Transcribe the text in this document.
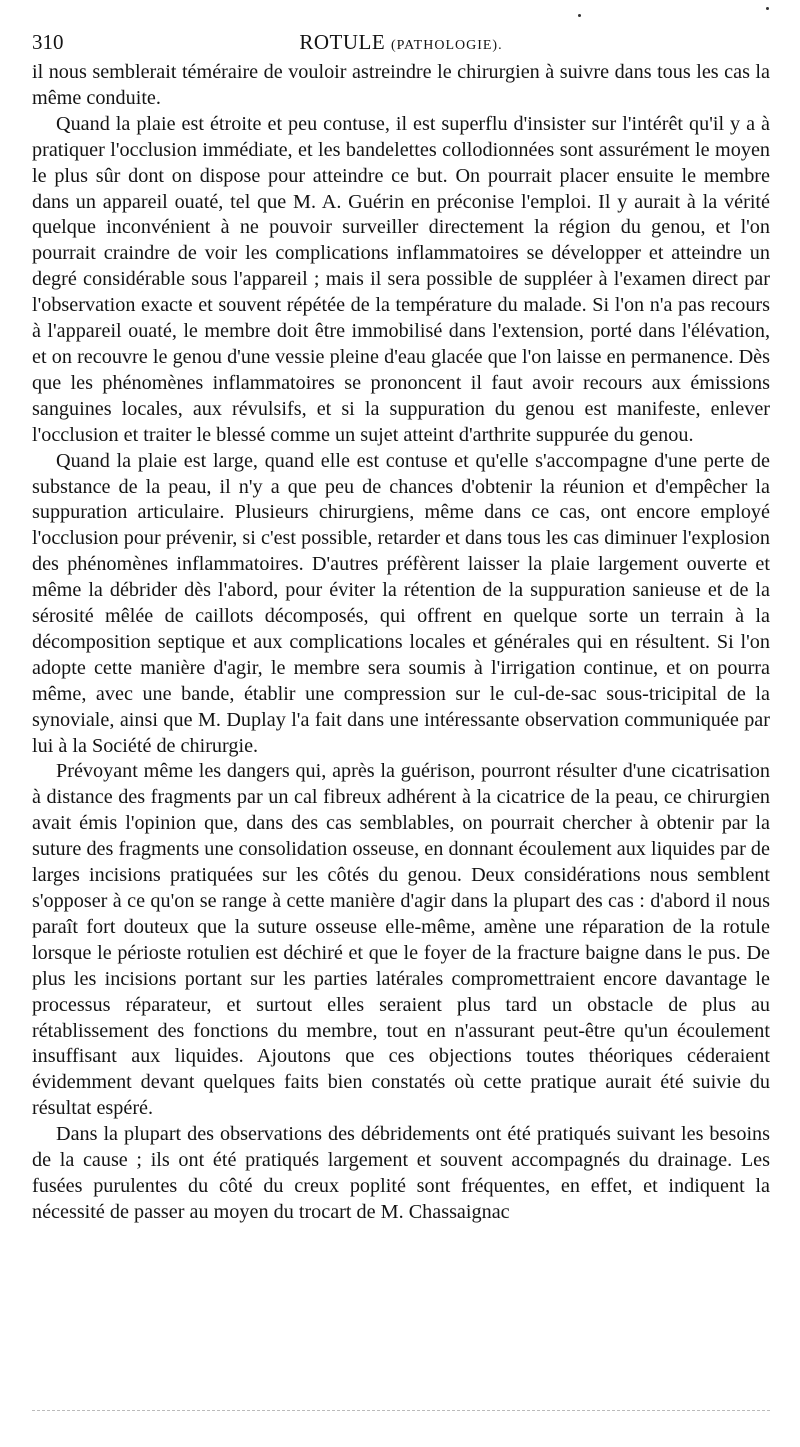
310	ROTULE (PATHOLOGIE).

il nous semblerait téméraire de vouloir astreindre le chirurgien à suivre dans tous les cas la même conduite.

Quand la plaie est étroite et peu contuse, il est superflu d'insister sur l'intérêt qu'il y a à pratiquer l'occlusion immédiate, et les bandelettes collodionnées sont assurément le moyen le plus sûr dont on dispose pour atteindre ce but. On pourrait placer ensuite le membre dans un appareil ouaté, tel que M. A. Guérin en préconise l'emploi. Il y aurait à la vérité quelque inconvénient à ne pouvoir surveiller directement la région du genou, et l'on pourrait craindre de voir les complications inflammatoires se développer et atteindre un degré considérable sous l'appareil ; mais il sera possible de suppléer à l'examen direct par l'observation exacte et souvent répétée de la température du malade. Si l'on n'a pas recours à l'appareil ouaté, le membre doit être immobilisé dans l'extension, porté dans l'élévation, et on recouvre le genou d'une vessie pleine d'eau glacée que l'on laisse en permanence. Dès que les phénomènes inflammatoires se prononcent il faut avoir recours aux émissions sanguines locales, aux révulsifs, et si la suppuration du genou est manifeste, enlever l'occlusion et traiter le blessé comme un sujet atteint d'arthrite suppurée du genou.

Quand la plaie est large, quand elle est contuse et qu'elle s'accompagne d'une perte de substance de la peau, il n'y a que peu de chances d'obtenir la réunion et d'empêcher la suppuration articulaire. Plusieurs chirurgiens, même dans ce cas, ont encore employé l'occlusion pour prévenir, si c'est possible, retarder et dans tous les cas diminuer l'explosion des phénomènes inflammatoires. D'autres préfèrent laisser la plaie largement ouverte et même la débrider dès l'abord, pour éviter la rétention de la suppuration sanieuse et de la sérosité mêlée de caillots décomposés, qui offrent en quelque sorte un terrain à la décomposition septique et aux complications locales et générales qui en résultent. Si l'on adopte cette manière d'agir, le membre sera soumis à l'irrigation continue, et on pourra même, avec une bande, établir une compression sur le cul-de-sac sous-tricipital de la synoviale, ainsi que M. Duplay l'a fait dans une intéressante observation communiquée par lui à la Société de chirurgie.

Prévoyant même les dangers qui, après la guérison, pourront résulter d'une cicatrisation à distance des fragments par un cal fibreux adhérent à la cicatrice de la peau, ce chirurgien avait émis l'opinion que, dans des cas semblables, on pourrait chercher à obtenir par la suture des fragments une consolidation osseuse, en donnant écoulement aux liquides par de larges incisions pratiquées sur les côtés du genou. Deux considérations nous semblent s'opposer à ce qu'on se range à cette manière d'agir dans la plupart des cas : d'abord il nous paraît fort douteux que la suture osseuse elle-même, amène une réparation de la rotule lorsque le périoste rotulien est déchiré et que le foyer de la fracture baigne dans le pus. De plus les incisions portant sur les parties latérales compromettraient encore davantage le processus réparateur, et surtout elles seraient plus tard un obstacle de plus au rétablissement des fonctions du membre, tout en n'assurant peut-être qu'un écoulement insuffisant aux liquides. Ajoutons que ces objections toutes théoriques céderaient évidemment devant quelques faits bien constatés où cette pratique aurait été suivie du résultat espéré.

Dans la plupart des observations des débridements ont été pratiqués suivant les besoins de la cause ; ils ont été pratiqués largement et souvent accompagnés du drainage. Les fusées purulentes du côté du creux poplité sont fréquentes, en effet, et indiquent la nécessité de passer au moyen du trocart de M. Chassaignac
